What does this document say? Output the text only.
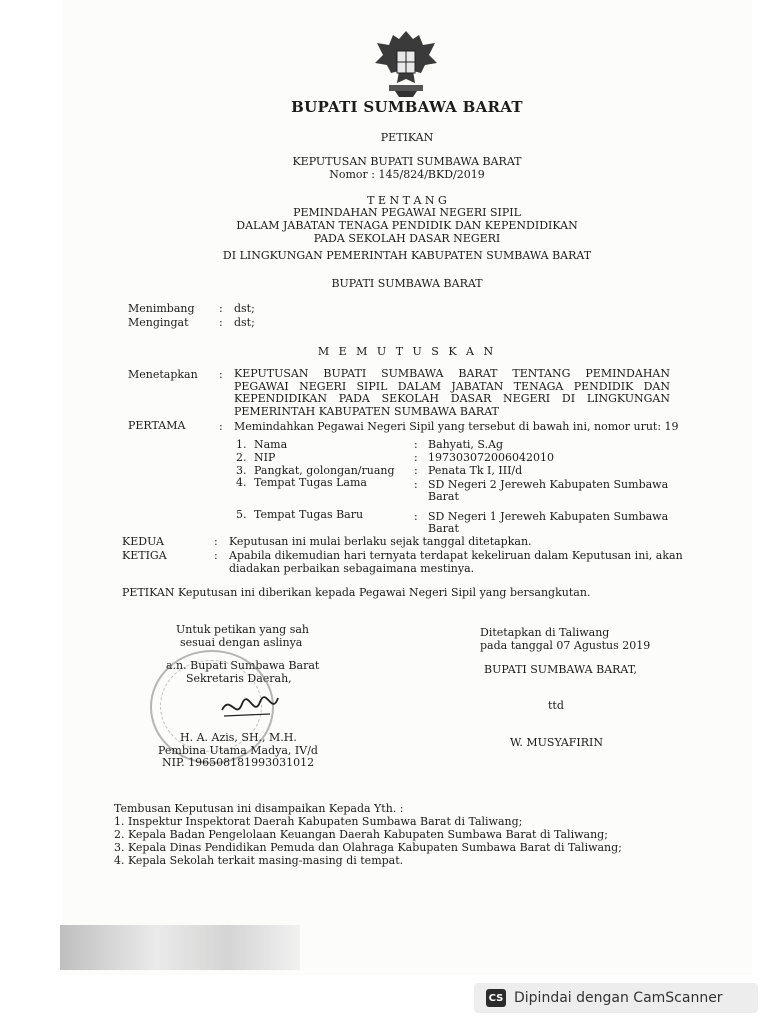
BUPATI SUMBAWA BARAT
PETIKAN
KEPUTUSAN BUPATI SUMBAWA BARAT
Nomor : 145/824/BKD/2019
T E N T A N G
PEMINDAHAN PEGAWAI NEGERI SIPIL
DALAM JABATAN TENAGA PENDIDIK DAN KEPENDIDIKAN
PADA SEKOLAH DASAR NEGERI
DI LINGKUNGAN PEMERINTAH KABUPATEN SUMBAWA BARAT
BUPATI SUMBAWA BARAT
Menimbang	: dst;
Mengingat	: dst;
M E M U T U S K A N
Menetapkan	: KEPUTUSAN BUPATI SUMBAWA BARAT TENTANG PEMINDAHAN PEGAWAI NEGERI SIPIL DALAM JABATAN TENAGA PENDIDIK DAN KEPENDIDIKAN PADA SEKOLAH DASAR NEGERI DI LINGKUNGAN PEMERINTAH KABUPATEN SUMBAWA BARAT
PERTAMA	: Memindahkan Pegawai Negeri Sipil yang tersebut di bawah ini, nomor urut: 19
1. Nama	: Bahyati, S.Ag
2. NIP	: 197303072006042010
3. Pangkat, golongan/ruang : Penata Tk I, III/d
4. Tempat Tugas Lama	: SD Negeri 2 Jereweh Kabupaten Sumbawa
Barat
5. Tempat Tugas Baru	: SD Negeri 1 Jereweh Kabupaten Sumbawa
Barat
KEDUA	: Keputusan ini mulai berlaku sejak tanggal ditetapkan.
KETIGA	: Apabila dikemudian hari ternyata terdapat kekeliruan dalam Keputusan ini, akan
diadakan perbaikan sebagaimana mestinya.
PETIKAN Keputusan ini diberikan kepada Pegawai Negeri Sipil yang bersangkutan.
Untuk petikan yang sah
sesuai dengan aslinya
a.n. Bupati Sumbawa Barat
Sekretaris Daerah,
H. A. Azis, SH., M.H.
Pembina Utama Madya, IV/d
NIP. 196508181993031012
Ditetapkan di Taliwang
pada tanggal 07 Agustus 2019
BUPATI SUMBAWA BARAT,
ttd
W. MUSYAFIRIN
Tembusan Keputusan ini disampaikan Kepada Yth. :
1. Inspektur Inspektorat Daerah Kabupaten Sumbawa Barat di Taliwang;
2. Kepala Badan Pengelolaan Keuangan Daerah Kabupaten Sumbawa Barat di Taliwang;
3. Kepala Dinas Pendidikan Pemuda dan Olahraga Kabupaten Sumbawa Barat di Taliwang;
4. Kepala Sekolah terkait masing-masing di tempat.
CS Dipindai dengan CamScanner
